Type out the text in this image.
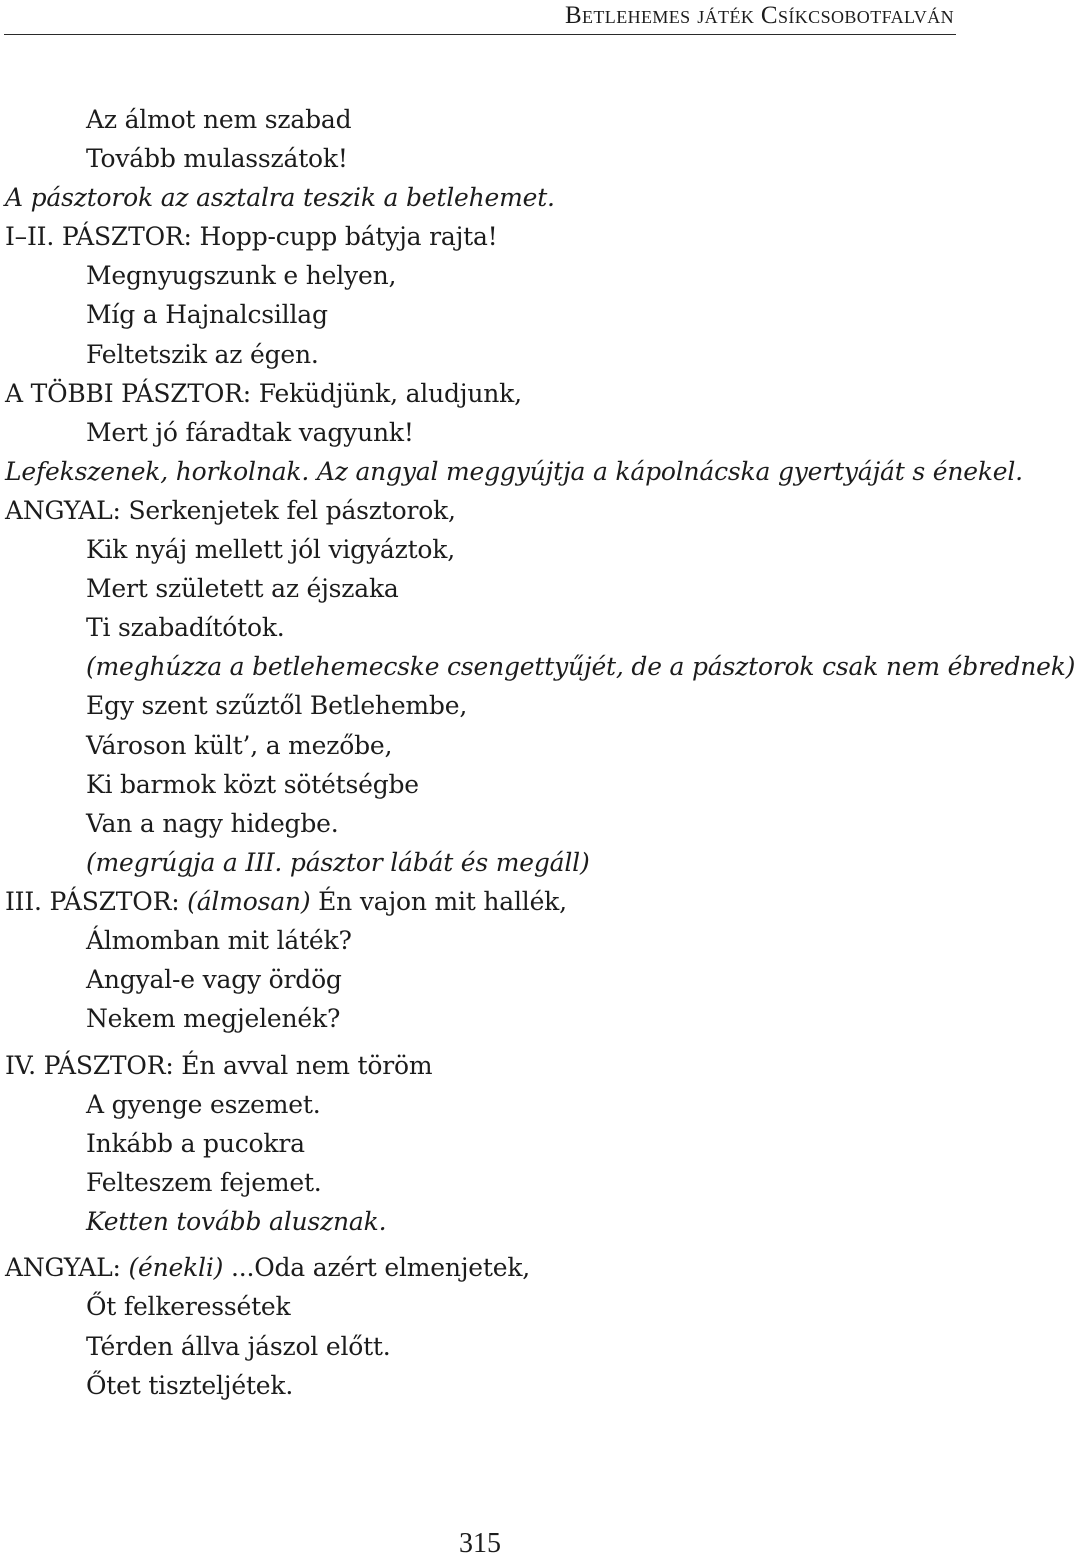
Betlehemes játék Csíkcsobotfalván
Az álmot nem szabad
Tovább mulasszátok!
A pásztorok az asztalra teszik a betlehemet.
I–II. PÁSZTOR: Hopp-cupp bátyja rajta!
Megnyugszunk e helyen,
Míg a Hajnalcsillag
Feltetszik az égen.
A TÖBBI PÁSZTOR: Feküdjünk, aludjunk,
Mert jó fáradtak vagyunk!
Lefekszenek, horkolnak. Az angyal meggyújtja a kápolnácska gyertyáját s énekel.
ANGYAL: Serkenjetek fel pásztorok,
Kik nyáj mellett jól vigyáztok,
Mert született az éjszaka
Ti szabadítótok.
(meghúzza a betlehemecske csengettyűjét, de a pásztorok csak nem ébrednek)
Egy szent szűztől Betlehembe,
Városon kült’, a mezőbe,
Ki barmok közt sötétségbe
Van a nagy hidegbe.
(megrúgja a III. pásztor lábát és megáll)
III. PÁSZTOR: (álmosan) Én vajon mit hallék,
Álmomban mit láték?
Angyal-e vagy ördög
Nekem megjelenék?
IV. PÁSZTOR: Én avval nem töröm
A gyenge eszemet.
Inkább a pucokra
Felteszem fejemet.
Ketten tovább alusznak.
ANGYAL: (énekli) ...Oda azért elmenjetek,
Őt felkeressétek
Térden állva jászol előtt.
Őtet tiszteljétek.
315
